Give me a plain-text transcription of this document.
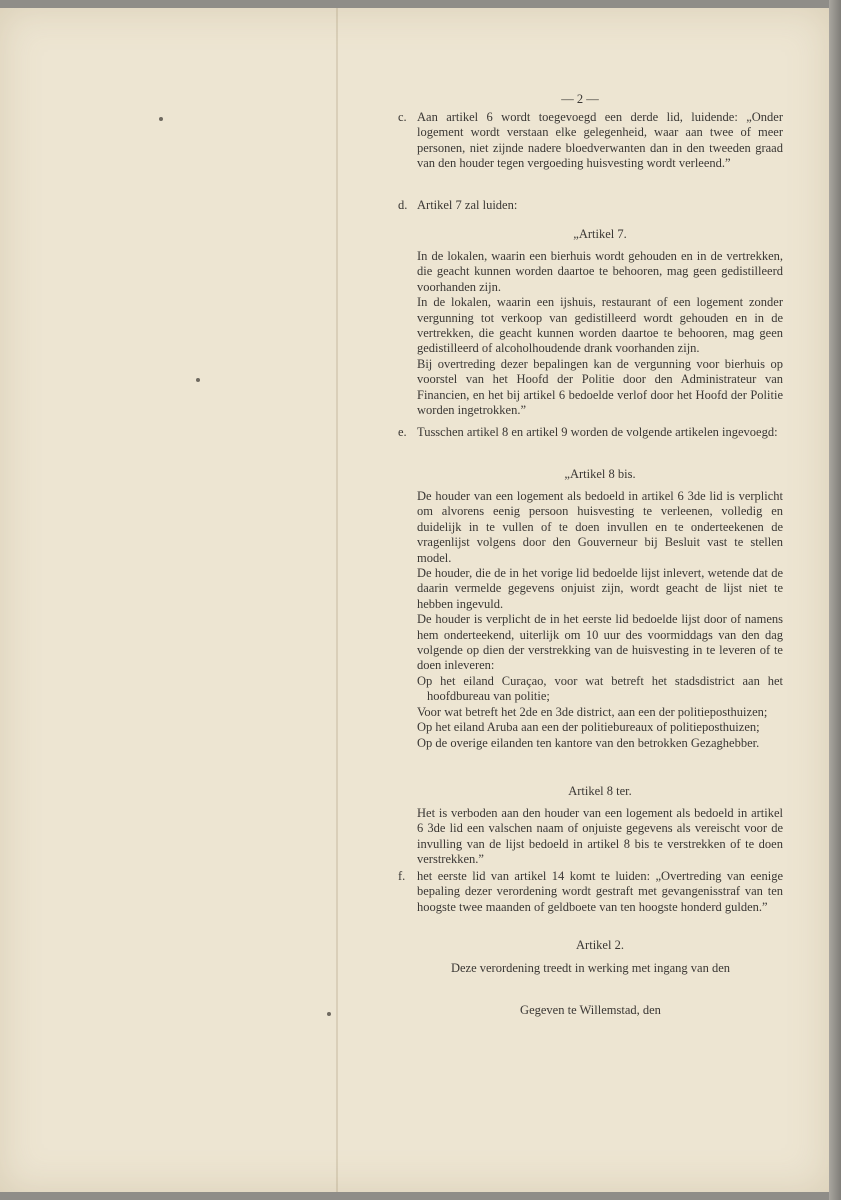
— 2 —
c. Aan artikel 6 wordt toegevoegd een derde lid, luidende: „Onder logement wordt verstaan elke gelegenheid, waar aan twee of meer personen, niet zijnde nadere bloedverwanten dan in den tweeden graad van den houder tegen vergoeding huisvesting wordt verleend.”
d. Artikel 7 zal luiden:
„Artikel 7.

In de lokalen, waarin een bierhuis wordt gehouden en in de vertrekken, die geacht kunnen worden daartoe te behooren, mag geen gedistilleerd voorhanden zijn.

In de lokalen, waarin een ijshuis, restaurant of een logement zonder vergunning tot verkoop van gedistilleerd wordt gehouden en in de vertrekken, die geacht kunnen worden daartoe te behooren, mag geen gedistilleerd of alcoholhoudende drank voorhanden zijn.

Bij overtreding dezer bepalingen kan de vergunning voor bierhuis op voorstel van het Hoofd der Politie door den Administrateur van Financien, en het bij artikel 6 bedoelde verlof door het Hoofd der Politie worden ingetrokken.”

e. Tusschen artikel 8 en artikel 9 worden de volgende artikelen ingevoegd:
„Artikel 8 bis.

De houder van een logement als bedoeld in artikel 6 3de lid is verplicht om alvorens eenig persoon huisvesting te verleenen, volledig en duidelijk in te vullen of te doen invullen en te onderteekenen de vragenlijst volgens door den Gouverneur bij Besluit vast te stellen model.

De houder, die de in het vorige lid bedoelde lijst inlevert, wetende dat de daarin vermelde gegevens onjuist zijn, wordt geacht de lijst niet te hebben ingevuld.

De houder is verplicht de in het eerste lid bedoelde lijst door of namens hem onderteekend, uiterlijk om 10 uur des voormiddags van den dag volgende op dien der verstrekking van de huisvesting in te leveren of te doen inleveren:

Op het eiland Curaçao, voor wat betreft het stadsdistrict aan het hoofdbureau van politie;

Voor wat betreft het 2de en 3de district, aan een der politieposthuizen;

Op het eiland Aruba aan een der politiebureaux of politieposthuizen;

Op de overige eilanden ten kantore van den betrokken Gezaghebber.

Artikel 8 ter.

Het is verboden aan den houder van een logement als bedoeld in artikel 6 3de lid een valschen naam of onjuiste gegevens als vereischt voor de invulling van de lijst bedoeld in artikel 8 bis te verstrekken of te doen verstrekken.”

f. het eerste lid van artikel 14 komt te luiden: „Overtreding van eenige bepaling dezer verordening wordt gestraft met gevangenisstraf van ten hoogste twee maanden of geldboete van ten hoogste honderd gulden.”
Artikel 2.
Deze verordening treedt in werking met ingang van den
Gegeven te Willemstad, den
